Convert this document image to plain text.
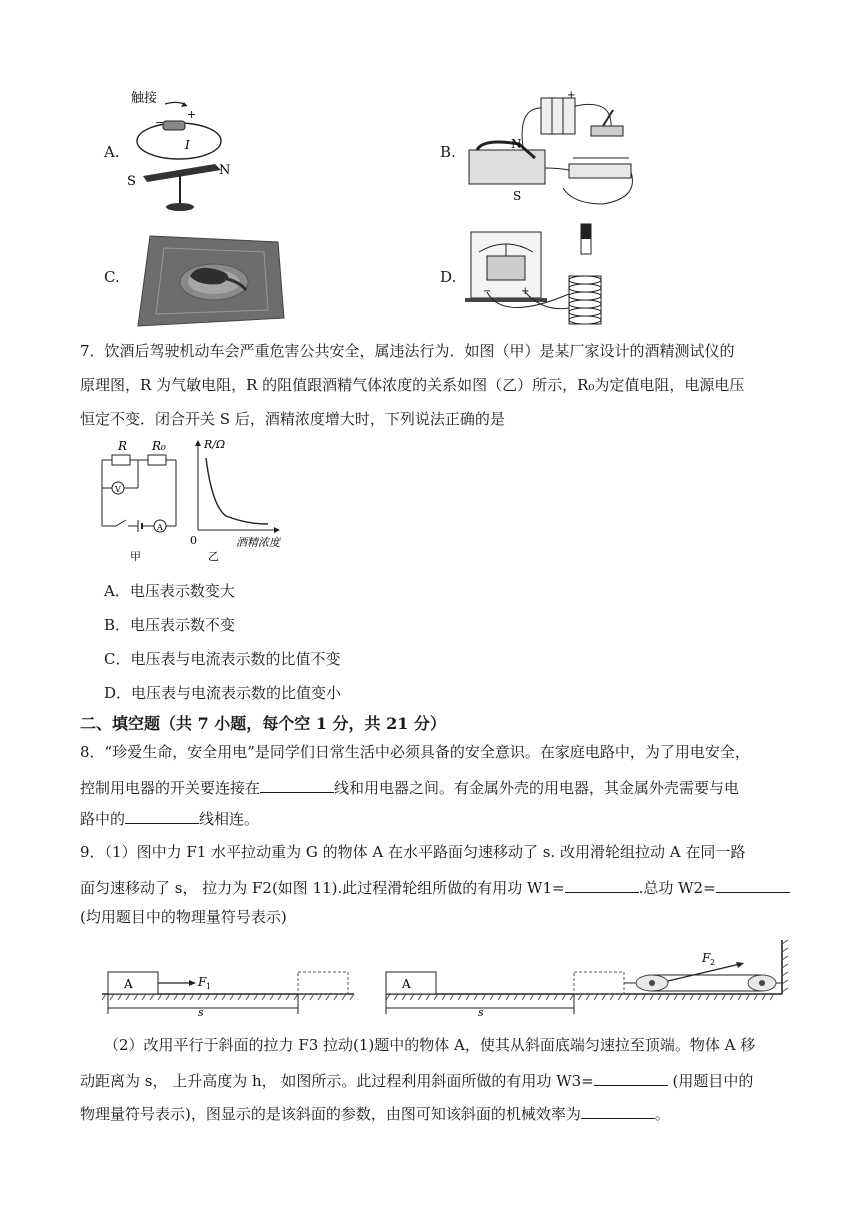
A.
触接
−
+
I
S
N
B.
+
N
S
C.	D.
−	+
7．饮酒后驾驶机动车会严重危害公共安全，属违法行为．如图（甲）是某厂家设计的酒精测试仪的
原理图，R 为气敏电阻，R 的阻值跟酒精气体浓度的关系如图（乙）所示，R₀为定值电阻，电源电压
恒定不变．闭合开关 S 后，酒精浓度增大时，下列说法正确的是
R R₀
V
A
甲
R/Ω
0	酒精浓度
乙
A．电压表示数变大
B．电压表示数不变
C．电压表与电流表示数的比值不变
D．电压表与电流表示数的比值变小
二、填空题（共 7 小题，每个空 1 分，共 21 分）
8．“珍爱生命，安全用电”是同学们日常生活中必须具备的安全意识。在家庭电路中，为了用电安全，
控制用电器的开关要连接在	线和用电器之间。有金属外壳的用电器，其金属外壳需要与电
路中的	线相连。
9．（1）图中力 F1 水平拉动重为 G 的物体 A 在水平路面匀速移动了 s. 改用滑轮组拉动 A 在同一路
面匀速移动了 s， 拉力为 F2(如图 11).此过程滑轮组所做的有用功 W1=	.总功 W2=
(均用题目中的物理量符号表示)
A	F 1
s
A
F 2
s
（2）改用平行于斜面的拉力 F3 拉动(1)题中的物体 A，使其从斜面底端匀速拉至顶端。物体 A 移
动距离为 s， 上升高度为 h， 如图所示。此过程利用斜面所做的有用功 W3=	(用题目中的
物理量符号表示)，图显示的是该斜面的参数，由图可知该斜面的机械效率为	。
